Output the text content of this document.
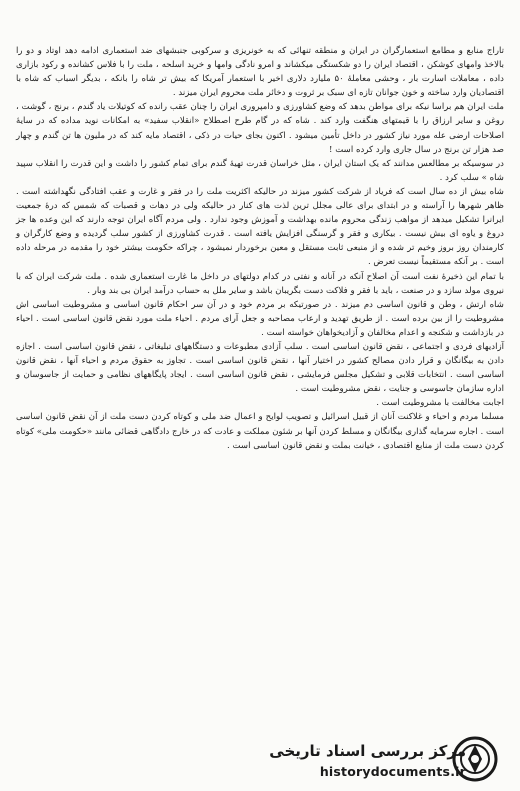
تاراج منابع و مطامع استعمارگران در ایران و منطقه تنهائی که به خونریزی و سرکوبی جنبشهای ضد استعماری ادامه دهد اوتاد و دو را بالاخذ وامهای کوشکن ، اقتصاد ایران را دو شکستگی میکشاند و امرو نادگی وامها و خرید اسلحه ، ملت را با فلاس کشانده و رکود بازاری داده ، معاملات اسارت بار ، وحشی معاملهٔ ۵۰ ملیارد دلاری اخیر با استعمار آمریکا که بیش تر شاه را بانکه ، بدیگر اسباب که شاه با اقتصادیان وارد ساخته و خون جوانان تازه ای سبک بر ثروت و دخائر ملت محروم ایران میزند .

ملت ایران هم براسا نیکه برای مواطن بدهد که وضع کشاورزی و دامپروری ایران را چنان عقب رانده که کوتیلات یاد گندم ، برنج ، گوشت ، روغن و سایر ارزاق را با قیمتهای هنگفت وارد کند . شاه که در گام طرح اصطلاح «انقلاب سفید» به امکانات نوید مداده که در سایهٔ اصلاحات ارضی عله مورد نیاز کشور در داخل تأمین میشود . اکنون بجای حیات در ذکی ، اقتصاد مایه کند که در ملیون ها تن گندم و چهار صد هزار تن برنج در سال جاری وارد کرده است !

در سوسیکه بر مطالعس مدانند که یک استان ایران ، مثل خراسان قدرت تهیهٔ گندم برای تمام کشور را داشت و این قدرت را انقلاب سپید شاه » سلب کرد .

شاه بیش از ده سال است که فریاد از شرکت کشور میزند در حالیکه اکثریت ملت را در فقر و غارت و عقب افتادگی نگهداشته است . ظاهر شهرها را آراسته و در ابتدای برای عالی مجلل ترین لذت های کنار در حالیکه ولی در دهات و قصبات که شمس که درهٔ جمعیت ایرانرا تشکیل میدهد از مواهب زندگی محروم مانده بهداشت و آموزش وجود ندارد . ولی مردم آگاه ایران توجه دارند که این وعده ها جز دروغ و یاوه ای بیش نیست . بیکاری و فقر و گرسنگی افزایش یافته است . قدرت کشاورزی از کشور سلب گردیده و وضع کارگران و کارمندان روز بروز وخیم تر شده و از منبعی ثابت مستقل و معین برخوردار نمیشود ، چراکه حکومت بیشتر خود را مقدمه در مرحله داده است . بر آنکه مستقیماً نیست تعرض .

با تمام این ذخیرهٔ نفت است آن اصلاح آنکه در آنانه و نفتی در کدام دولتهای در داخل ما غارت استعماری شده . ملت شرکت ایران که با نیروی مولد سازد و در صنعت ، باید با فقر و فلاکت دست بگریبان باشد و سایر ملل به حساب درآمد ایران بی بند وبار .

شاه ارتش ، وطن و قانون اساسی دم میزند . در صورتیکه بر مردم خود و در آن سر احکام قانون اساسی و مشروطیت اساسی اش مشروطیت را از بین برده است . از طریق تهدید و ارعاب مصاحبه و جعل آرای مردم . احیاء ملت مورد نقض قانون اساسی است . احیاء در بازداشت و شکنجه و اعدام مخالفان و آزادیخواهان خواسته است .

آزادیهای فردی و اجتماعی ، نقض قانون اساسی است . سلب آزادی مطبوعات و دستگاههای تبلیغاتی ، نقض قانون اساسی است . اجازه دادن به بیگانگان و قرار دادن مصالح کشور در اختیار آنها ، نقض قانون اساسی است . تجاوز به حقوق مردم و احیاء آنها ، نقض قانون اساسی است . انتخابات قلابی و تشکیل مجلس فرمایشی ، نقض قانون اساسی است . ایجاد پایگاههای نظامی و حمایت از جاسوسان و اداره سازمان جاسوسی و جنایت ، نقض مشروطیت است .

اجابت مخالفت با مشروطیت است .

مسلما مردم و احیاء و غلاکنت آنان از قبیل اسرائیل و تصویب لوایح و اعمال ضد ملی و کوتاه کردن دست ملت از آن نقض قانون اساسی است . اجاره سرمایه گذاری بیگانگان و مسلط کردن آنها بر شئون مملکت و عادت که در خارج دادگاهی قضائی مانند «حکومت ملی» کوتاه کردن دست ملت از منابع اقتصادی ، خیانت بملت و نقض قانون اساسی است .

مرکز بررسی اسناد تاریخی
historydocuments.ir
